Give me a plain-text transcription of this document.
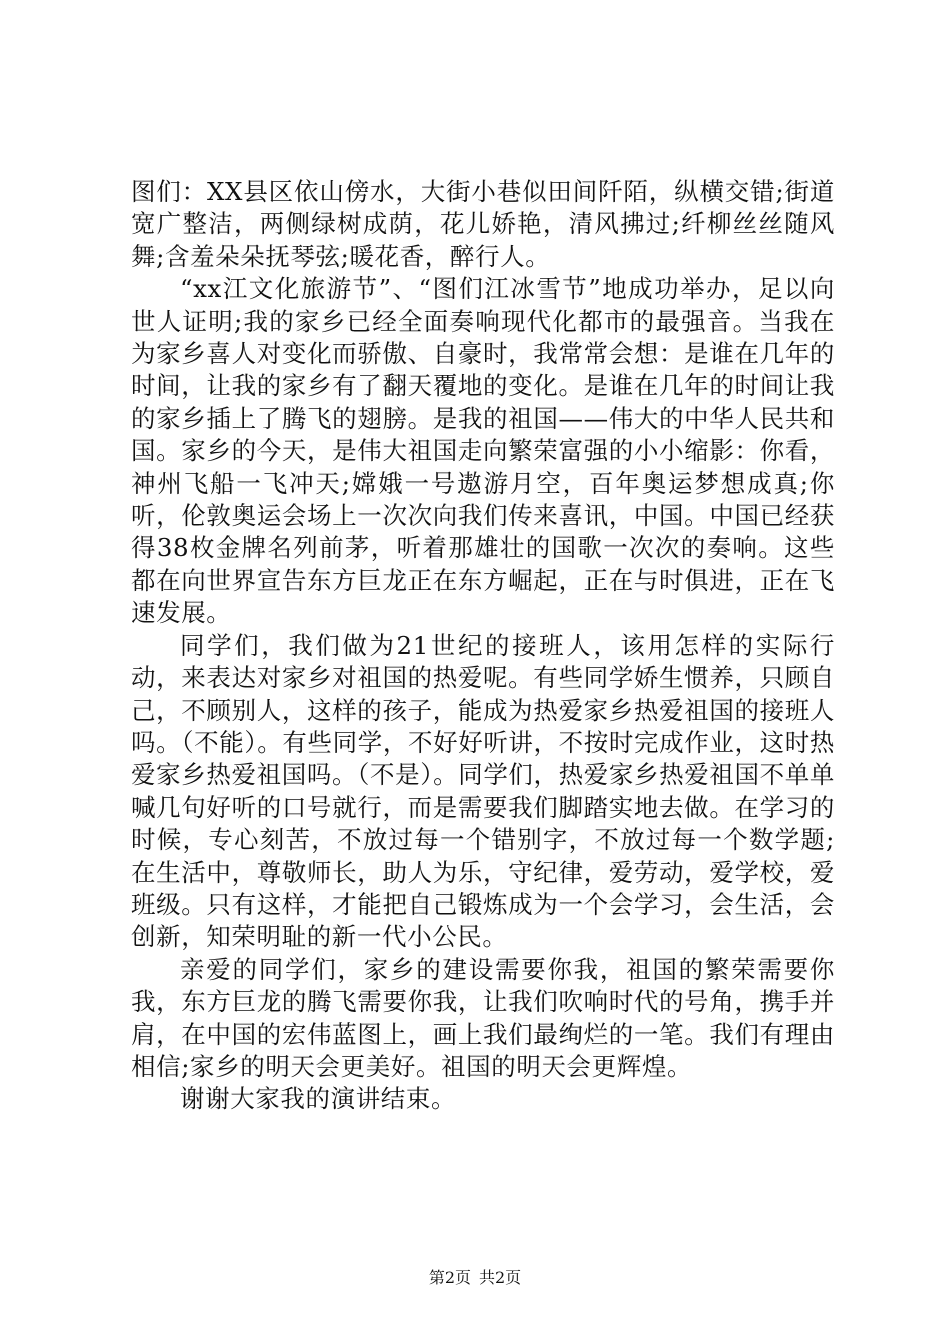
图们：XX县区依山傍水，大街小巷似田间阡陌，纵横交错;街道宽广整洁，两侧绿树成荫，花儿娇艳，清风拂过;纤柳丝丝随风舞;含羞朵朵抚琴弦;暖花香，醉行人。

“xx江文化旅游节”、“图们江冰雪节”地成功举办，足以向世人证明;我的家乡已经全面奏响现代化都市的最强音。当我在为家乡喜人对变化而骄傲、自豪时，我常常会想：是谁在几年的时间，让我的家乡有了翻天覆地的变化。是谁在几年的时间让我的家乡插上了腾飞的翅膀。是我的祖国——伟大的中华人民共和国。家乡的今天，是伟大祖国走向繁荣富强的小小缩影：你看，神州飞船一飞冲天;嫦娥一号遨游月空，百年奥运梦想成真;你听，伦敦奥运会场上一次次向我们传来喜讯，中国。中国已经获得38枚金牌名列前茅，听着那雄壮的国歌一次次的奏响。这些都在向世界宣告东方巨龙正在东方崛起，正在与时俱进，正在飞速发展。

同学们，我们做为21世纪的接班人，该用怎样的实际行动，来表达对家乡对祖国的热爱呢。有些同学娇生惯养，只顾自己，不顾别人，这样的孩子，能成为热爱家乡热爱祖国的接班人吗。（不能）。有些同学，不好好听讲，不按时完成作业，这时热爱家乡热爱祖国吗。（不是）。同学们，热爱家乡热爱祖国不单单喊几句好听的口号就行，而是需要我们脚踏实地去做。在学习的时候，专心刻苦，不放过每一个错别字，不放过每一个数学题;在生活中，尊敬师长，助人为乐，守纪律，爱劳动，爱学校，爱班级。只有这样，才能把自己锻炼成为一个会学习，会生活，会创新，知荣明耻的新一代小公民。

亲爱的同学们，家乡的建设需要你我，祖国的繁荣需要你我，东方巨龙的腾飞需要你我，让我们吹响时代的号角，携手并肩，在中国的宏伟蓝图上，画上我们最绚烂的一笔。我们有理由相信;家乡的明天会更美好。祖国的明天会更辉煌。

谢谢大家我的演讲结束。

第2页 共2页
